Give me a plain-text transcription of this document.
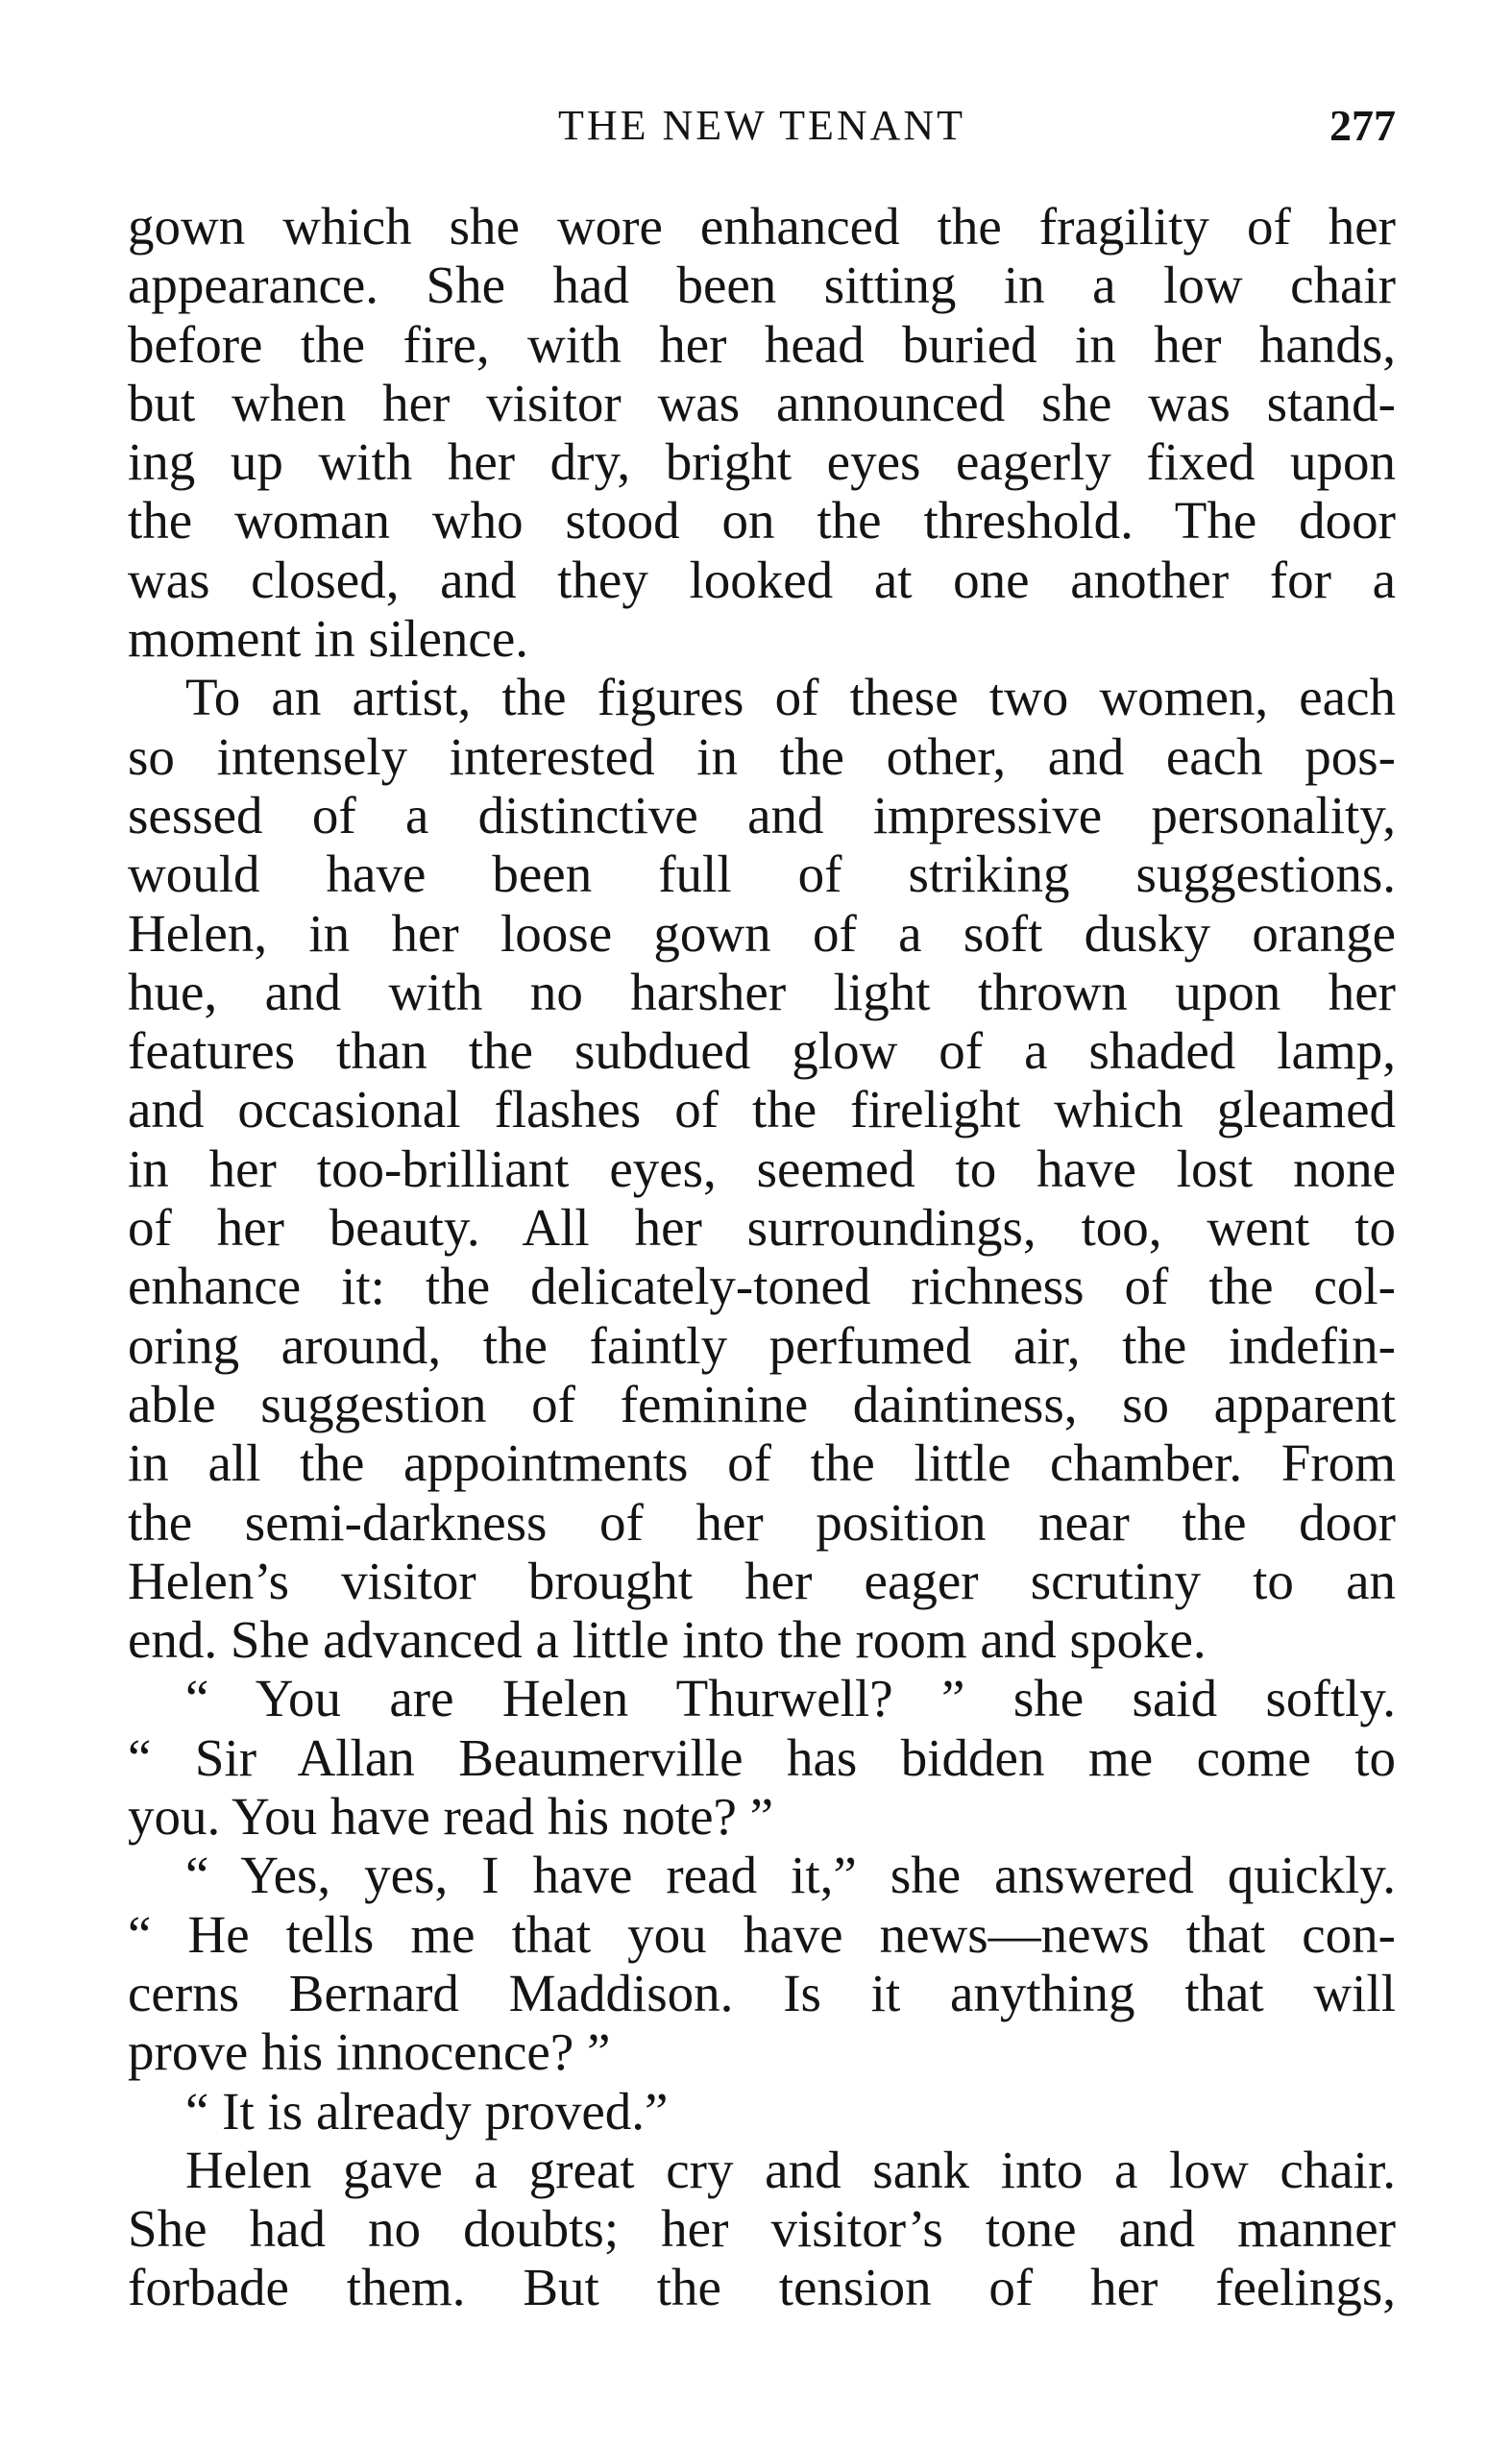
THE NEW TENANT	277
gown which she wore enhanced the fragility of her
appearance. She had been sitting in a low chair
before the fire, with her head buried in her hands,
but when her visitor was announced she was stand-
ing up with her dry, bright eyes eagerly fixed upon
the woman who stood on the threshold. The door
was closed, and they looked at one another for a
moment in silence.
To an artist, the figures of these two women, each
so intensely interested in the other, and each pos-
sessed of a distinctive and impressive personality,
would have been full of striking suggestions.
Helen, in her loose gown of a soft dusky orange
hue, and with no harsher light thrown upon her
features than the subdued glow of a shaded lamp,
and occasional flashes of the firelight which gleamed
in her too-brilliant eyes, seemed to have lost none
of her beauty. All her surroundings, too, went to
enhance it: the delicately-toned richness of the col-
oring around, the faintly perfumed air, the indefin-
able suggestion of feminine daintiness, so apparent
in all the appointments of the little chamber. From
the semi-darkness of her position near the door
Helen’s visitor brought her eager scrutiny to an
end. She advanced a little into the room and spoke.
“ You are Helen Thurwell? ” she said softly.
“ Sir Allan Beaumerville has bidden me come to
you. You have read his note? ”
“ Yes, yes, I have read it,” she answered quickly.
“ He tells me that you have news—news that con-
cerns Bernard Maddison. Is it anything that will
prove his innocence? ”
“ It is already proved.”
Helen gave a great cry and sank into a low chair.
She had no doubts; her visitor’s tone and manner
forbade them. But the tension of her feelings,
